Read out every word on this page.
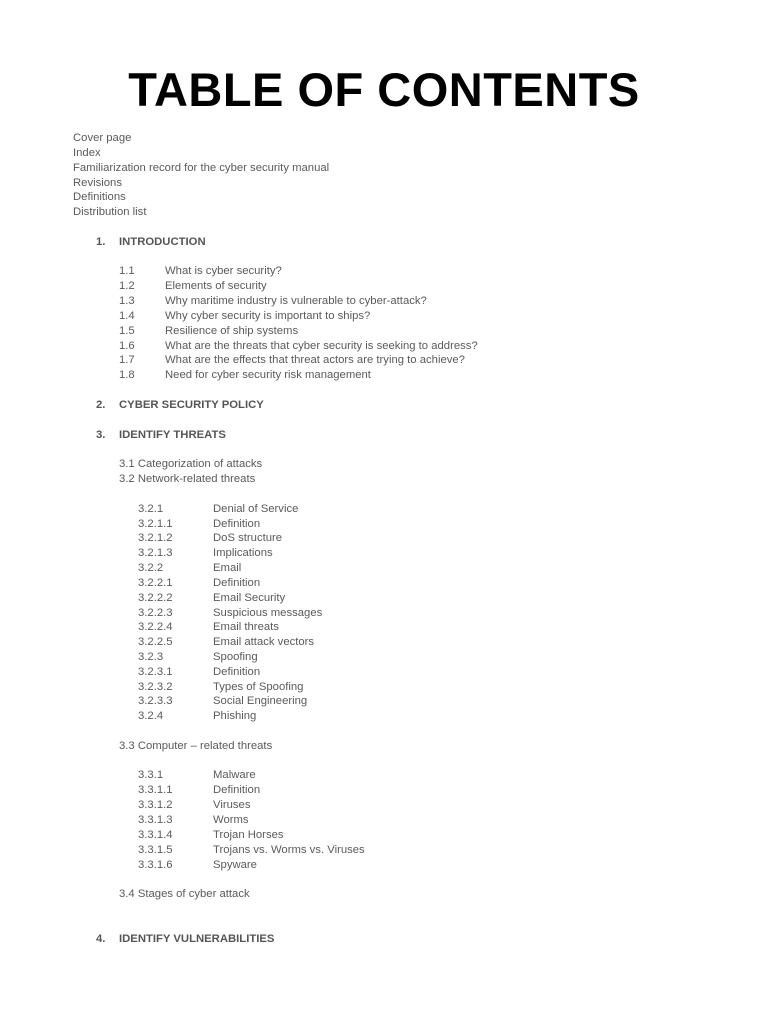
TABLE OF CONTENTS
Cover page
Index
Familiarization record for the cyber security manual
Revisions
Definitions
Distribution list
1. INTRODUCTION
1.1	What is cyber security?
1.2	Elements of security
1.3	Why maritime industry is vulnerable to cyber-attack?
1.4	Why cyber security is important to ships?
1.5	Resilience of ship systems
1.6	What are the threats that cyber security is seeking to address?
1.7	What are the effects that threat actors are trying to achieve?
1.8	Need for cyber security risk management
2. CYBER SECURITY POLICY
3. IDENTIFY THREATS
3.1 Categorization of attacks
3.2 Network-related threats
3.2.1	Denial of Service
3.2.1.1	Definition
3.2.1.2	DoS structure
3.2.1.3	Implications
3.2.2	Email
3.2.2.1	Definition
3.2.2.2	Email Security
3.2.2.3	Suspicious messages
3.2.2.4	Email threats
3.2.2.5	Email attack vectors
3.2.3	Spoofing
3.2.3.1	Definition
3.2.3.2	Types of Spoofing
3.2.3.3	Social Engineering
3.2.4	Phishing
3.3 Computer – related threats
3.3.1	Malware
3.3.1.1	Definition
3.3.1.2	Viruses
3.3.1.3	Worms
3.3.1.4	Trojan Horses
3.3.1.5	Trojans vs. Worms vs. Viruses
3.3.1.6	Spyware
3.4 Stages of cyber attack
4. IDENTIFY VULNERABILITIES
